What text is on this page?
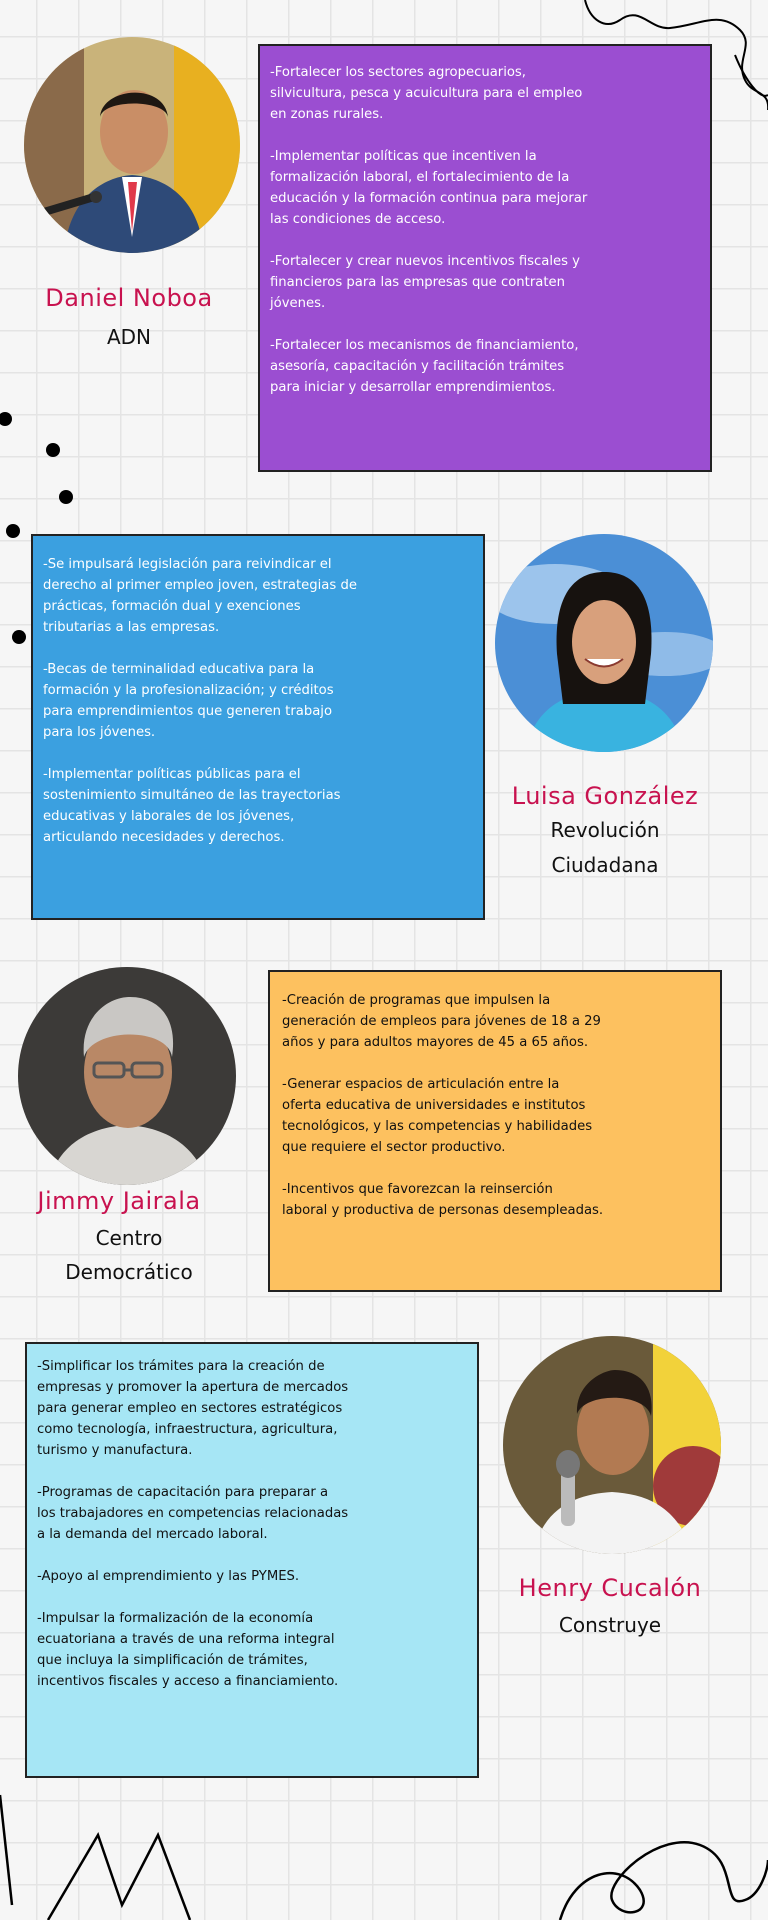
Daniel Noboa
ADN

-Fortalecer los sectores agropecuarios,
silvicultura, pesca y acuicultura para el empleo
en zonas rurales.

-Implementar políticas que incentiven la
formalización laboral, el fortalecimiento de la
educación y la formación continua para mejorar
las condiciones de acceso.

-Fortalecer y crear nuevos incentivos fiscales y
financieros para las empresas que contraten
jóvenes.

-Fortalecer los mecanismos de financiamiento,
asesoría, capacitación y facilitación trámites
para iniciar y desarrollar emprendimientos.

-Se impulsará legislación para reivindicar el
derecho al primer empleo joven, estrategias de
prácticas, formación dual y exenciones
tributarias a las empresas.

-Becas de terminalidad educativa para la
formación y la profesionalización; y créditos
para emprendimientos que generen trabajo
para los jóvenes.

-Implementar políticas públicas para el
sostenimiento simultáneo de las trayectorias
educativas y laborales de los jóvenes,
articulando necesidades y derechos.

Luisa González
Revolución
Ciudadana
Jimmy Jairala
Centro
Democrático

-Creación de programas que impulsen la
generación de empleos para jóvenes de 18 a 29
años y para adultos mayores de 45 a 65 años.

-Generar espacios de articulación entre la
oferta educativa de universidades e institutos
tecnológicos, y las competencias y habilidades
que requiere el sector productivo.

-Incentivos que favorezcan la reinserción
laboral y productiva de personas desempleadas.

-Simplificar los trámites para la creación de
empresas y promover la apertura de mercados
para generar empleo en sectores estratégicos
como tecnología, infraestructura, agricultura,
turismo y manufactura.

-Programas de capacitación para preparar a
los trabajadores en competencias relacionadas
a la demanda del mercado laboral.

-Apoyo al emprendimiento y las PYMES.

-Impulsar la formalización de la economía
ecuatoriana a través de una reforma integral
que incluya la simplificación de trámites,
incentivos fiscales y acceso a financiamiento.

Henry Cucalón
Construye
